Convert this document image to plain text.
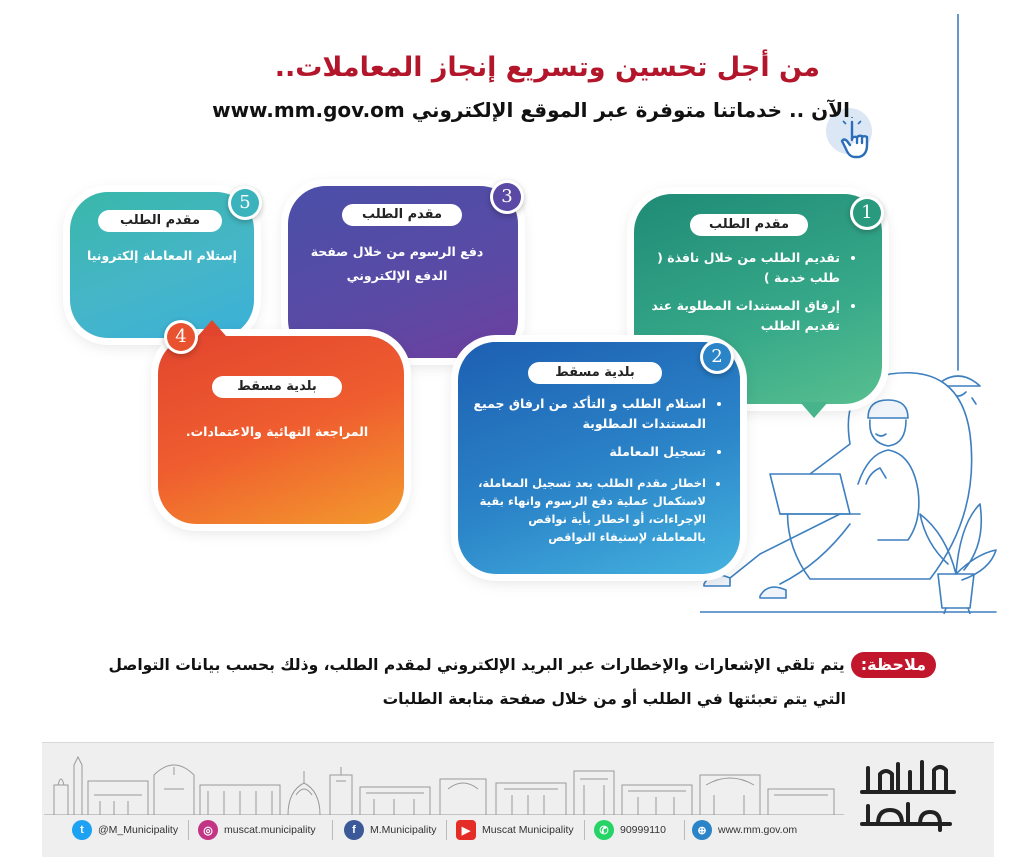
من أجل تحسين وتسريع إنجاز المعاملات..
الآن .. خدماتنا متوفرة عبر الموقع الإلكتروني www.mm.gov.om
مقدم الطلب
• تقديم الطلب من خلال نافذة ( طلب خدمة )
• إرفاق المستندات المطلوبة عند تقديم الطلب
1
مقدم الطلب
دفع الرسوم من خلال صفحة الدفع الإلكتروني
3
مقدم الطلب
إستلام المعاملة إلكترونيا
5
بلدية مسقط
المراجعة النهائية والاعتمادات.
4
بلدية مسقط
• استلام الطلب و التأكد من ارفاق جميع المستندات المطلوبة
• تسجيل المعاملة
• اخطار مقدم الطلب بعد تسجيل المعاملة، لاستكمال عملية دفع الرسوم وانهاء بقية الإجراءات، أو اخطار بأية نواقص بالمعاملة، لإستيفاء النواقص
2
ملاحظة:يتم تلقي الإشعارات والإخطارات عبر البريد الإلكتروني لمقدم الطلب، وذلك بحسب بيانات التواصل
التي يتم تعبئتها في الطلب أو من خلال صفحة متابعة الطلبات
t	@M_Municipality	◎	muscat.municipality	f	M.Municipality	▶	Muscat Municipality	✆	90999110	⊕	www.mm.gov.om
